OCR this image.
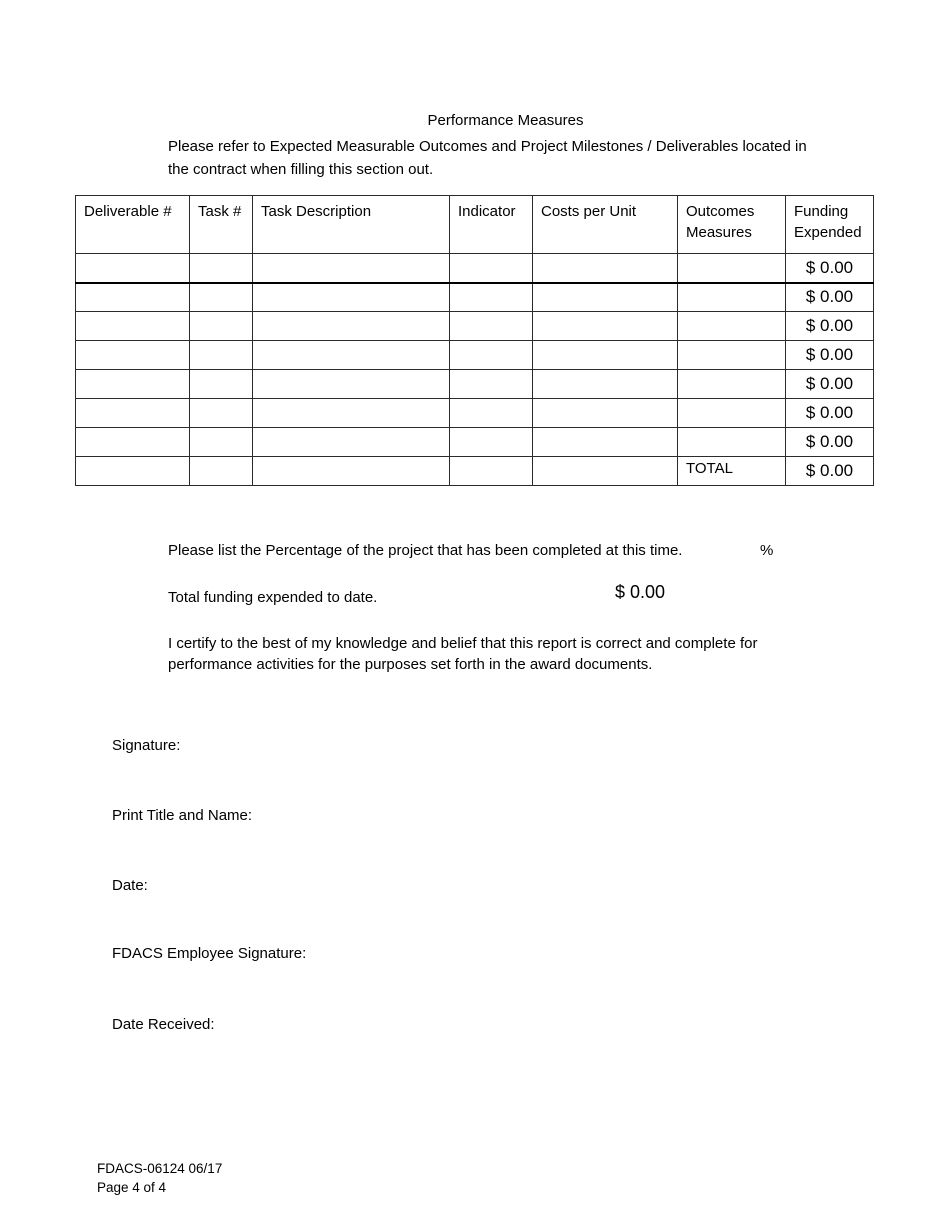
Performance Measures
Please refer to Expected Measurable Outcomes and Project Milestones / Deliverables located in
the contract when filling this section out.
Deliverable #	Task #	Task Description	Indicator	Costs per Unit	Outcomes Measures	Funding Expended
						$ 0.00
						$ 0.00
						$ 0.00
						$ 0.00
						$ 0.00
						$ 0.00
						$ 0.00
					TOTAL	$ 0.00
Please list the Percentage of the project that has been completed at this time.	%
Total funding expended to date.	$ 0.00
I certify to the best of my knowledge and belief that this report is correct and complete for
performance activities for the purposes set forth in the award documents.
Signature:
Print Title and Name:
Date:
FDACS Employee Signature:
Date Received:
FDACS-06124 06/17
Page 4 of 4
